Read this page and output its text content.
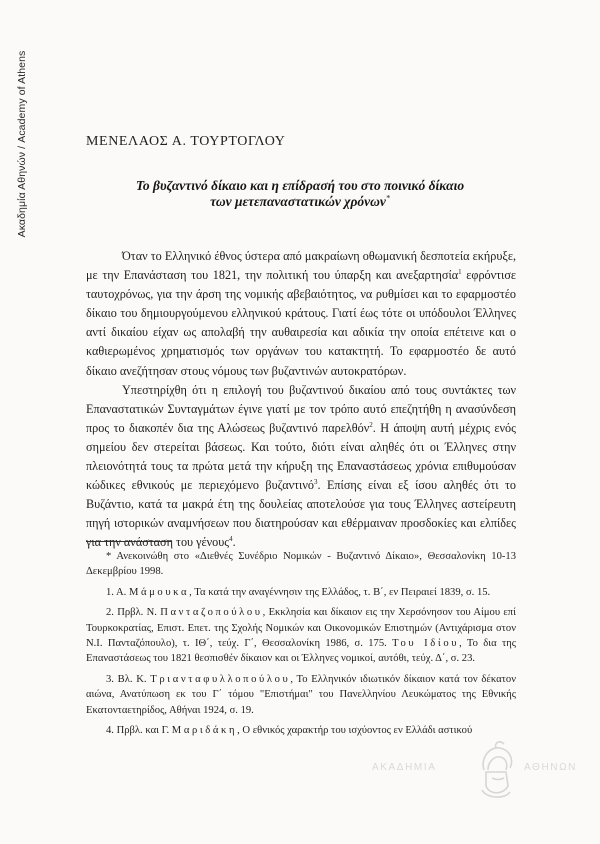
Ακαδημία Αθηνών / Academy of Athens	ΜΕΝΕΛΑΟΣ Α. ΤΟΥΡΤΟΓΛΟΥ
Το βυζαντινό δίκαιο και η επίδρασή του στο ποινικό δίκαιο
των μετεπαναστατικών χρόνων*

Όταν το Ελληνικό έθνος ύστερα από μακραίωνη οθωμανική δεσποτεία εκήρυξε, με την Επανάσταση του 1821, την πολιτική του ύπαρξη και ανεξαρτησία$^1$ εφρόντισε ταυτοχρόνως, για την άρση της νομικής αβεβαιότητος, να ρυθμίσει και το εφαρμοστέο δίκαιο του δημιουργούμενου ελληνικού κράτους. Γιατί έως τότε οι υπόδουλοι Έλληνες αντί δικαίου είχαν ως απολαβή την αυθαιρεσία και αδικία την οποία επέτεινε και ο καθιερωμένος χρηματισμός των οργάνων του κατακτητή. Το εφαρμοστέο δε αυτό δίκαιο ανεζήτησαν στους νόμους των βυζαντινών αυτοκρατόρων.

Υπεστηρίχθη ότι η επιλογή του βυζαντινού δικαίου από τους συντάκτες των Επαναστατικών Συνταγμάτων έγινε γιατί με τον τρόπο αυτό επεζητήθη η ανασύνδεση προς το διακοπέν δια της Αλώσεως βυζαντινό παρελθόν$^2$. Η άποψη αυτή μέχρις ενός σημείου δεν στερείται βάσεως. Και τούτο, διότι είναι αληθές ότι οι Έλληνες στην πλειονότητά τους τα πρώτα μετά την κήρυξη της Επαναστάσεως χρόνια επιθυμούσαν κώδικες εθνικούς με περιεχόμενο βυζαντινό$^3$. Επίσης είναι εξ ίσου αληθές ότι το Βυζάντιο, κατά τα μακρά έτη της δουλείας αποτελούσε για τους Έλληνες αστείρευτη πηγή ιστορικών αναμνήσεων που διατηρούσαν και εθέρμαιναν προσδοκίες και ελπίδες για την ανάσταση του γένους$^4$.

* Ανεκοινώθη στο «Διεθνές Συνέδριο Νομικών - Βυζαντινό Δίκαιο», Θεσσαλονίκη 10-13 Δεκεμβρίου 1998.

1. Α. Μάμουκα, Τα κατά την αναγέννησιν της Ελλάδος, τ. Β΄, εν Πειραιεί 1839, σ. 15.

2. Πρβλ. Ν. Πανταζοπούλου, Εκκλησία και δίκαιον εις την Χερσόνησον του Αίμου επί Τουρκοκρατίας, Επιστ. Επετ. της Σχολής Νομικών και Οικονομικών Επιστημών (Αντιχάρισμα στον Ν.Ι. Πανταζόπουλο), τ. ΙΘ΄, τεύχ. Γ΄, Θεσσαλονίκη 1986, σ. 175. Του Ιδίου, Το δια της Επαναστάσεως του 1821 θεσπισθέν δίκαιον και οι Έλληνες νομικοί, αυτόθι, τεύχ. Δ΄, σ. 23.

3. Βλ. Κ. Τριανταφυλλοπούλου, Το Ελληνικόν ιδιωτικόν δίκαιον κατά τον δέκατον αιώνα, Ανατύπωση εκ του Γ΄ τόμου "Επιστήμαι" του Πανελληνίου Λευκώματος της Εθνικής Εκατονταετηρίδος, Αθήναι 1924, σ. 19.

4. Πρβλ. και Γ. Μαριδάκη, Ο εθνικός χαρακτήρ του ισχύοντος εν Ελλάδι αστικού

ΑΚΑΔΗΜΙΑ	ΑΘΗΝΩΝ
